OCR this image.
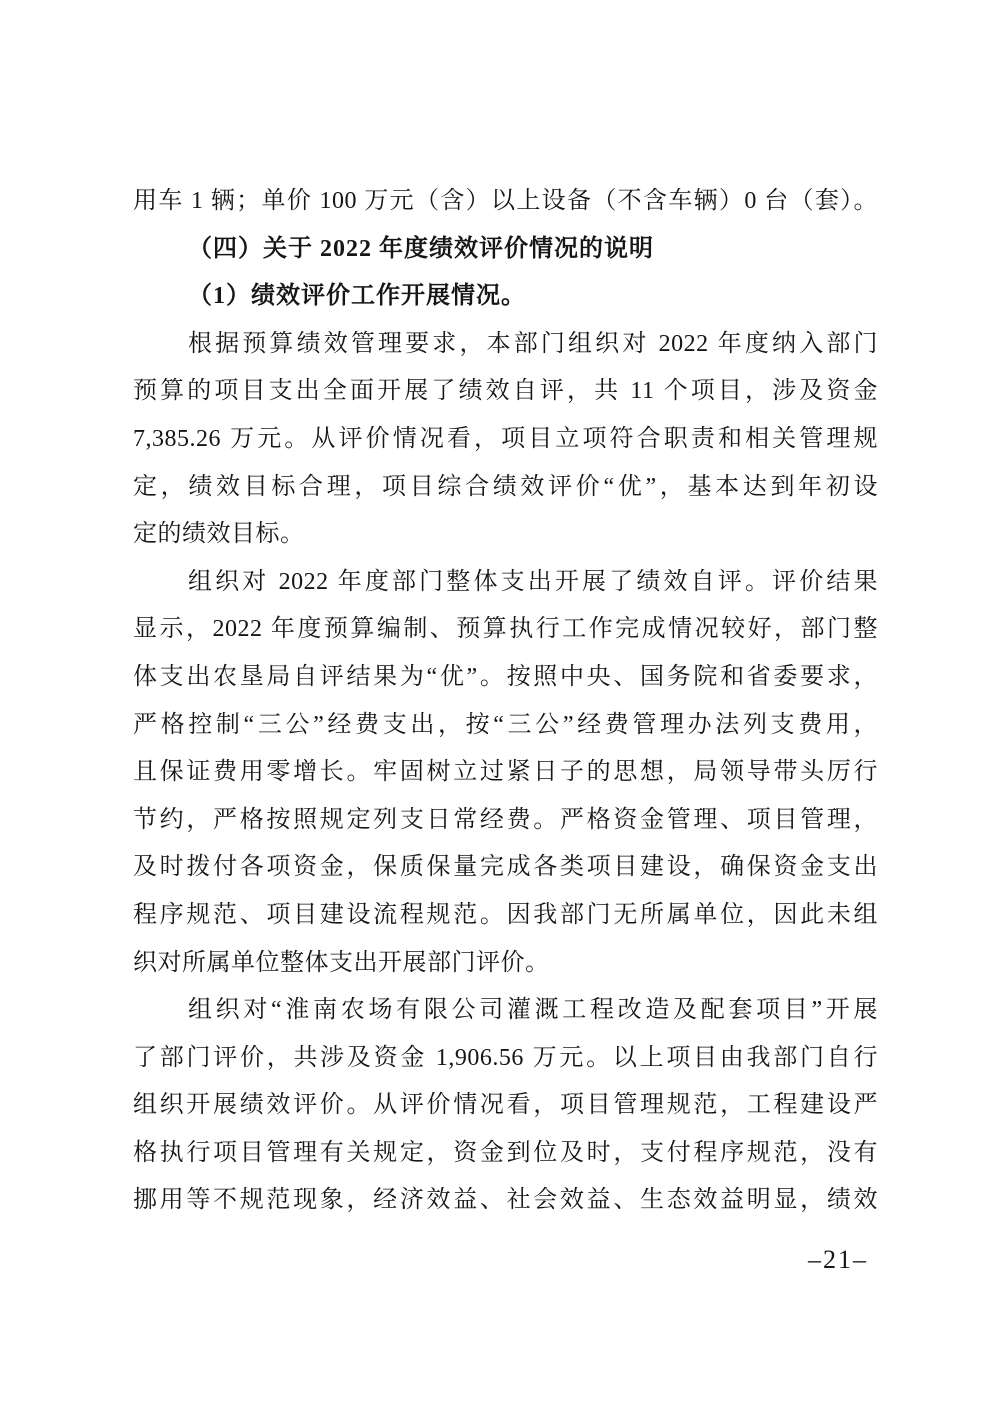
用车 1 辆；单价 100 万元（含）以上设备（不含车辆）0 台（套）。
（四）关于 2022 年度绩效评价情况的说明
（1）绩效评价工作开展情况。
根据预算绩效管理要求，本部门组织对 2022 年度纳入部门
预算的项目支出全面开展了绩效自评，共 11 个项目，涉及资金
7,385.26 万元。从评价情况看，项目立项符合职责和相关管理规
定，绩效目标合理，项目综合绩效评价“优”，基本达到年初设
定的绩效目标。
组织对 2022 年度部门整体支出开展了绩效自评。评价结果
显示，2022 年度预算编制、预算执行工作完成情况较好，部门整
体支出农垦局自评结果为“优”。按照中央、国务院和省委要求，
严格控制“三公”经费支出，按“三公”经费管理办法列支费用，
且保证费用零增长。牢固树立过紧日子的思想，局领导带头厉行
节约，严格按照规定列支日常经费。严格资金管理、项目管理，
及时拨付各项资金，保质保量完成各类项目建设，确保资金支出
程序规范、项目建设流程规范。因我部门无所属单位，因此未组
织对所属单位整体支出开展部门评价。
组织对“淮南农场有限公司灌溉工程改造及配套项目”开展
了部门评价，共涉及资金 1,906.56 万元。以上项目由我部门自行
组织开展绩效评价。从评价情况看，项目管理规范，工程建设严
格执行项目管理有关规定，资金到位及时，支付程序规范，没有
挪用等不规范现象，经济效益、社会效益、生态效益明显，绩效
–21–
